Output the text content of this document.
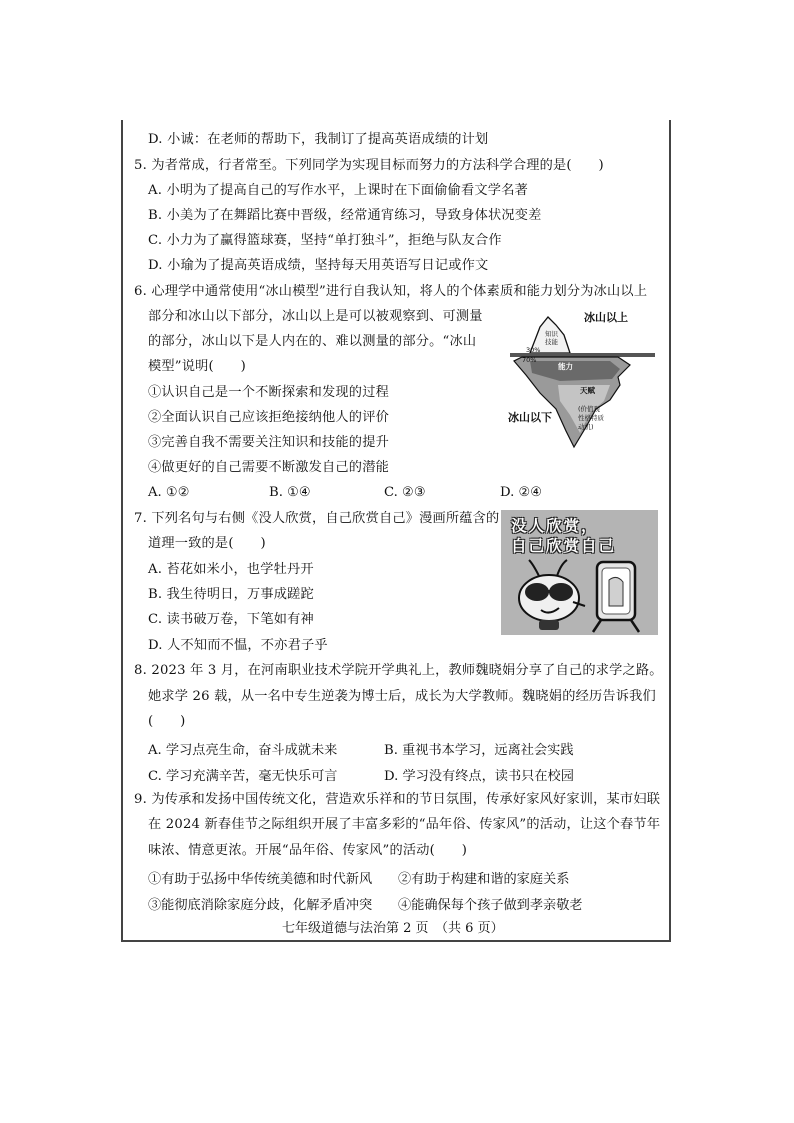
D. 小诚：在老师的帮助下，我制订了提高英语成绩的计划
5. 为者常成，行者常至。下列同学为实现目标而努力的方法科学合理的是(　　)
A. 小明为了提高自己的写作水平，上课时在下面偷偷看文学名著
B. 小美为了在舞蹈比赛中晋级，经常通宵练习，导致身体状况变差
C. 小力为了赢得篮球赛，坚持“单打独斗”，拒绝与队友合作
D. 小瑜为了提高英语成绩，坚持每天用英语写日记或作文
6. 心理学中通常使用“冰山模型”进行自我认知，将人的个体素质和能力划分为冰山以上
部分和冰山以下部分，冰山以上是可以被观察到、可测量
的部分，冰山以下是人内在的、难以测量的部分。“冰山
模型”说明(　　)
①认识自己是一个不断探索和发现的过程
②全面认识自己应该拒绝接纳他人的评价
③完善自我不需要关注知识和技能的提升
④做更好的自己需要不断激发自己的潜能
A. ①②	B. ①④	C. ②③	D. ②④
7. 下列名句与右侧《没人欣赏，自己欣赏自己》漫画所蕴含的
道理一致的是(　　)
A. 苔花如米小，也学牡丹开
B. 我生待明日，万事成蹉跎
C. 读书破万卷，下笔如有神
D. 人不知而不愠，不亦君子乎
8. 2023 年 3 月，在河南职业技术学院开学典礼上，教师魏晓娟分享了自己的求学之路。
她求学 26 载，从一名中专生逆袭为博士后，成长为大学教师。魏晓娟的经历告诉我们
(　　)
A. 学习点亮生命，奋斗成就未来	B. 重视书本学习，远离社会实践
C. 学习充满辛苦，毫无快乐可言	D. 学习没有终点，读书只在校园
9. 为传承和发扬中国传统文化，营造欢乐祥和的节日氛围，传承好家风好家训，某市妇联
在 2024 新春佳节之际组织开展了丰富多彩的“品年俗、传家风”的活动，让这个春节年
味浓、情意更浓。开展“品年俗、传家风”的活动(　　)
①有助于弘扬中华传统美德和时代新风 ②有助于构建和谐的家庭关系
③能彻底消除家庭分歧，化解矛盾冲突 ④能确保每个孩子做到孝亲敬老
七年级道德与法治第 2 页　（共 6 页）
冰山以上
知识
技能
30%
70%
能力
天赋
(价值观
性格特质
动机)
冰山以下
没人欣赏，
自己欣赏自己
